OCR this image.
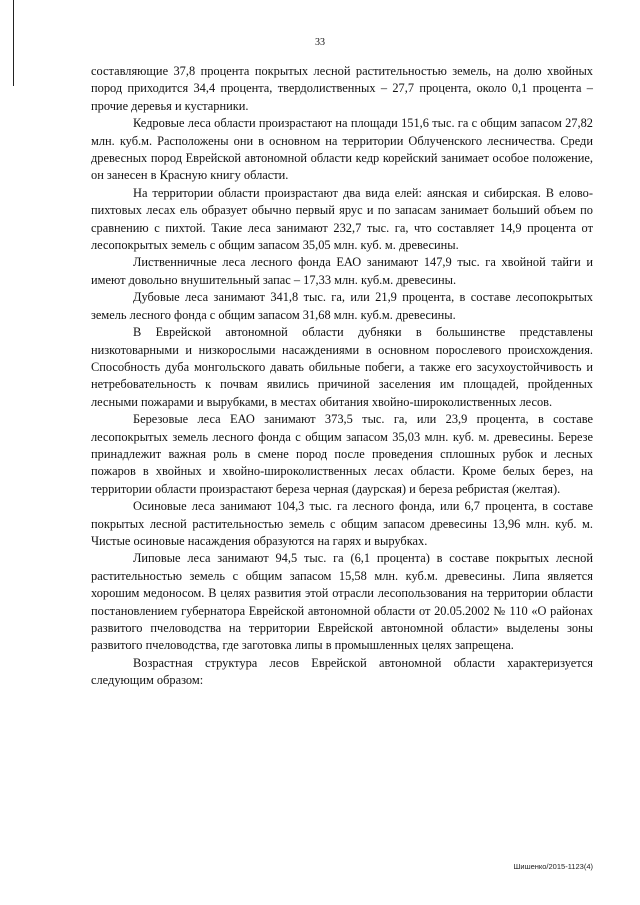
33

составляющие 37,8 процента покрытых лесной растительностью земель, на долю хвойных пород приходится 34,4 процента, твердолиственных – 27,7 процента, около 0,1 процента – прочие деревья и кустарники.

Кедровые леса области произрастают на площади 151,6 тыс. га с общим запасом 27,82 млн. куб.м. Расположены они в основном на территории Облученского лесничества. Среди древесных пород Еврейской автономной области кедр корейский занимает особое положение, он занесен в Красную книгу области.

На территории области произрастают два вида елей: аянская и сибирская. В елово-пихтовых лесах ель образует обычно первый ярус и по запасам занимает больший объем по сравнению с пихтой. Такие леса занимают 232,7 тыс. га, что составляет 14,9 процента от лесопокрытых земель с общим запасом 35,05 млн. куб. м. древесины.

Лиственничные леса лесного фонда ЕАО занимают 147,9 тыс. га хвойной тайги и имеют довольно внушительный запас – 17,33 млн. куб.м. древесины.

Дубовые леса занимают 341,8 тыс. га, или 21,9 процента, в составе лесопокрытых земель лесного фонда с общим запасом 31,68 млн. куб.м. древесины.

В Еврейской автономной области дубняки в большинстве представлены низкотоварными и низкорослыми насаждениями в основном порослевого происхождения. Способность дуба монгольского давать обильные побеги, а также его засухоустойчивость и нетребовательность к почвам явились причиной заселения им площадей, пройденных лесными пожарами и вырубками, в местах обитания хвойно-широколиственных лесов.

Березовые леса ЕАО занимают 373,5 тыс. га, или 23,9 процента, в составе лесопокрытых земель лесного фонда с общим запасом 35,03 млн. куб. м. древесины. Березе принадлежит важная роль в смене пород после проведения сплошных рубок и лесных пожаров в хвойных и хвойно-широколиственных лесах области. Кроме белых берез, на территории области произрастают береза черная (даурская) и береза ребристая (желтая).

Осиновые леса занимают 104,3 тыс. га лесного фонда, или 6,7 процента, в составе покрытых лесной растительностью земель с общим запасом древесины 13,96 млн. куб. м. Чистые осиновые насаждения образуются на гарях и вырубках.

Липовые леса занимают 94,5 тыс. га (6,1 процента) в составе покрытых лесной растительностью земель с общим запасом 15,58 млн. куб.м. древесины. Липа является хорошим медоносом. В целях развития этой отрасли лесопользования на территории области постановлением губернатора Еврейской автономной области от 20.05.2002 № 110 «О районах развитого пчеловодства на территории Еврейской автономной области» выделены зоны развитого пчеловодства, где заготовка липы в промышленных целях запрещена.

Возрастная структура лесов Еврейской автономной области характеризуется следующим образом:

Шишенко/2015-1123(4)
